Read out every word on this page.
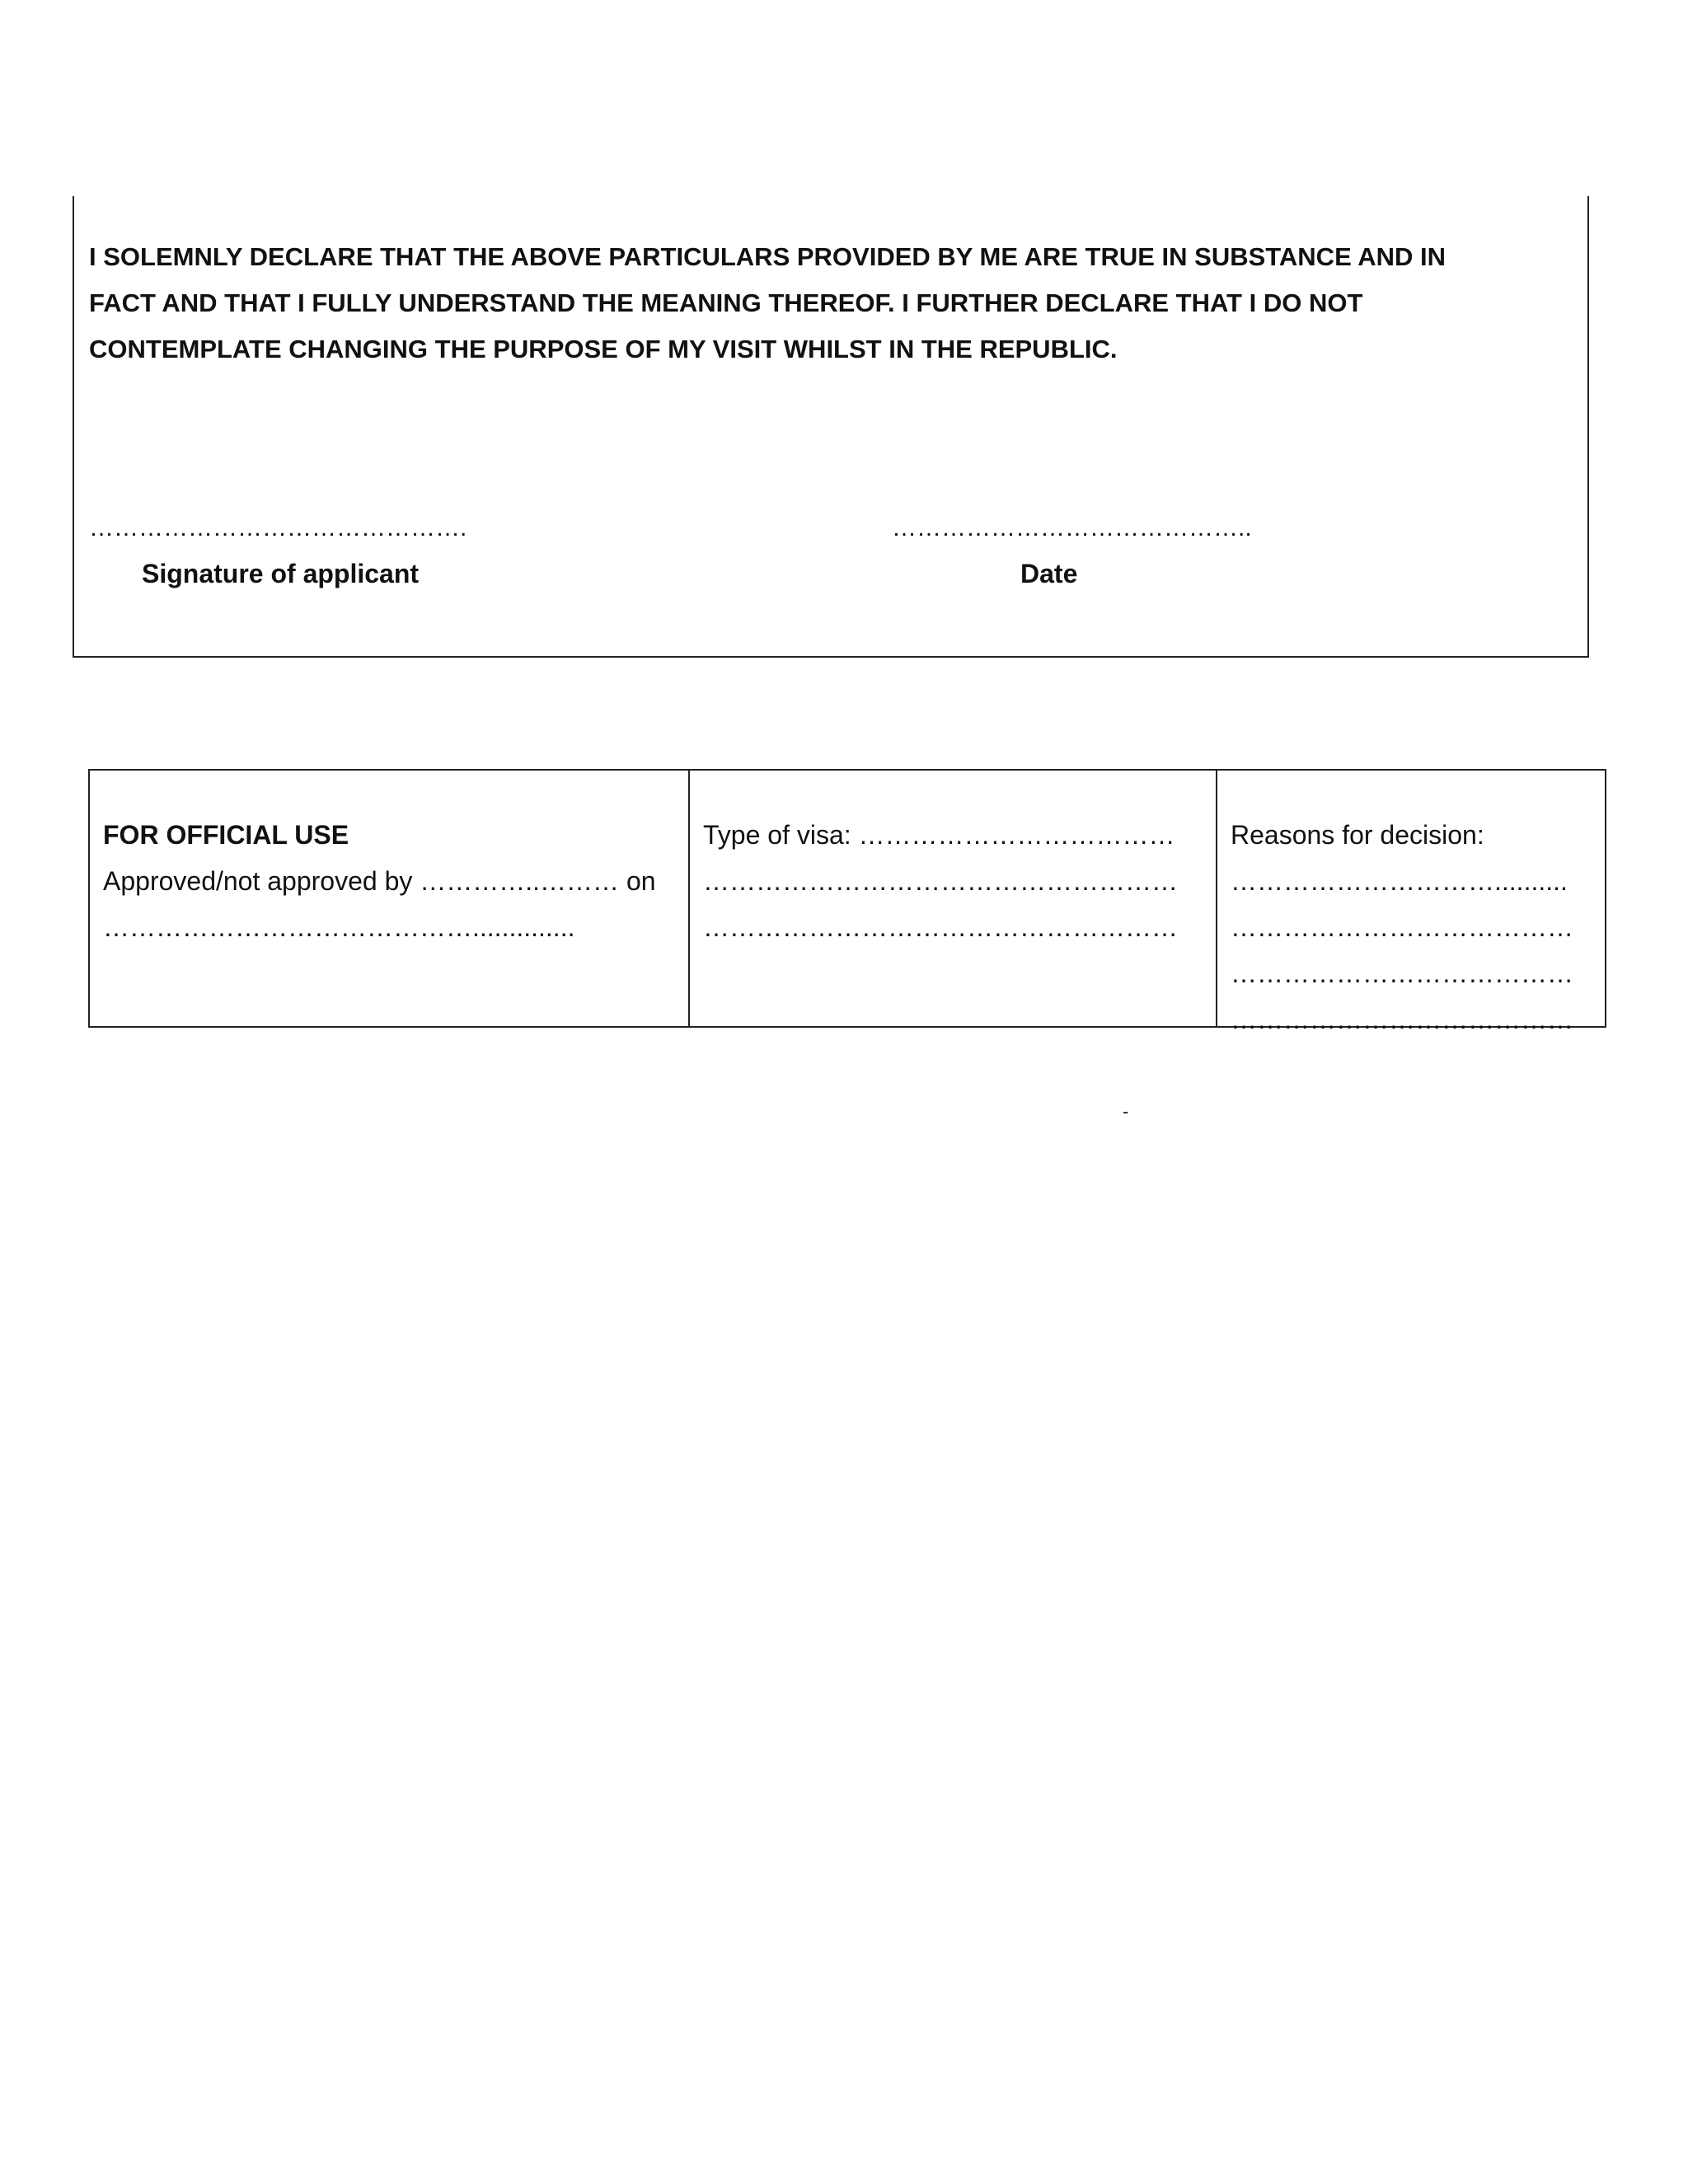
I SOLEMNLY DECLARE THAT THE ABOVE PARTICULARS PROVIDED BY ME ARE TRUE IN SUBSTANCE AND IN
FACT AND THAT I FULLY UNDERSTAND THE MEANING THEREOF. I FURTHER DECLARE THAT I DO NOT
CONTEMPLATE CHANGING THE PURPOSE OF MY VISIT WHILST IN THE REPUBLIC.

……………………………………….	……………………………………..
Signature of applicant	Date
FOR OFFICIAL USE
Approved/not approved by …………..……… on
……………………………………..............
Type of visa: ………………………………
………………………………………………
………………………………………………
Reasons for decision:
…………………………..........
…………………………………
…………………………………
…………………………………
-
